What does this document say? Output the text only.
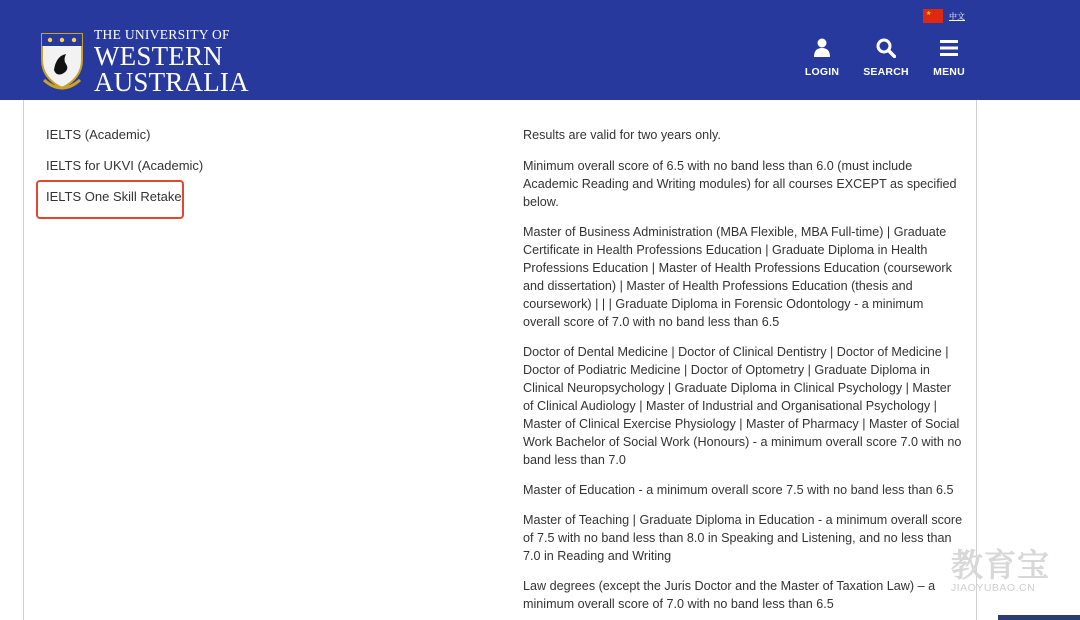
THE UNIVERSITY OF
WESTERN
AUSTRALIA
★ 中文
LOGIN	SEARCH	MENU
IELTS (Academic)
IELTS for UKVI (Academic)
IELTS One Skill Retake

Results are valid for two years only.

Minimum overall score of 6.5 with no band less than 6.0 (must include Academic Reading and Writing modules) for all courses EXCEPT as specified below.

Master of Business Administration (MBA Flexible, MBA Full-time) | Graduate Certificate in Health Professions Education | Graduate Diploma in Health Professions Education | Master of Health Professions Education (coursework and dissertation) | Master of Health Professions Education (thesis and coursework) | | | Graduate Diploma in Forensic Odontology - a minimum overall score of 7.0 with no band less than 6.5

Doctor of Dental Medicine | Doctor of Clinical Dentistry | Doctor of Medicine | Doctor of Podiatric Medicine | Doctor of Optometry | Graduate Diploma in Clinical Neuropsychology | Graduate Diploma in Clinical Psychology | Master of Clinical Audiology | Master of Industrial and Organisational Psychology | Master of Clinical Exercise Physiology | Master of Pharmacy | Master of Social Work Bachelor of Social Work (Honours) - a minimum overall score 7.0 with no band less than 7.0

Master of Education - a minimum overall score 7.5 with no band less than 6.5

Master of Teaching | Graduate Diploma in Education - a minimum overall score of 7.5 with no band less than 8.0 in Speaking and Listening, and no less than 7.0 in Reading and Writing

Law degrees (except the Juris Doctor and the Master of Taxation Law) – a minimum overall score of 7.0 with no band less than 6.5

教育宝
JIAOYUBAO.CN
